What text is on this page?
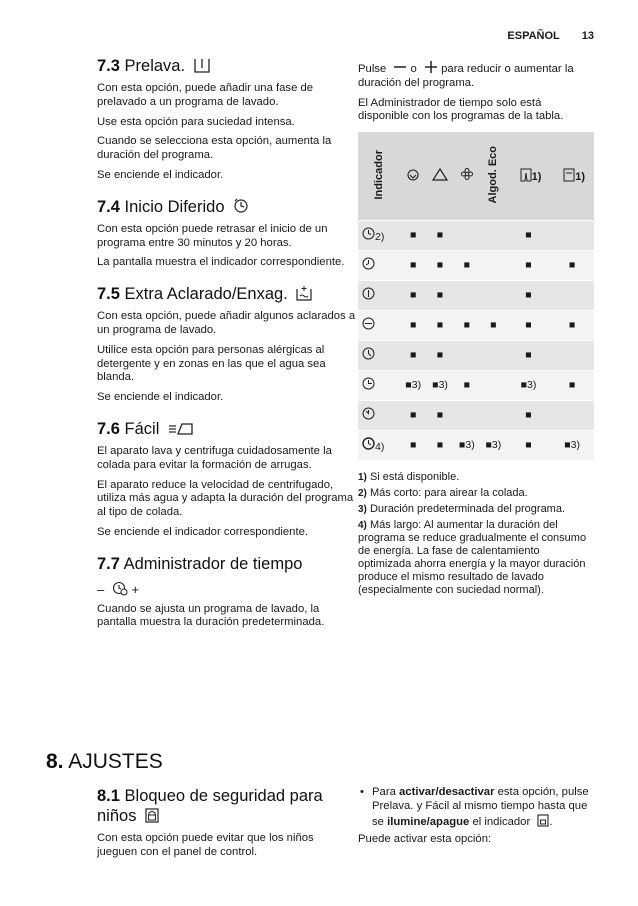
ESPAÑOL 13
7.3 Prelava.

Con esta opción, puede añadir una fase de prelavado a un programa de lavado.

Use esta opción para suciedad intensa.

Cuando se selecciona esta opción, aumenta la duración del programa.

Se enciende el indicador.

7.4 Inicio Diferido

Con esta opción puede retrasar el inicio de un programa entre 30 minutos y 20 horas.

La pantalla muestra el indicador correspondiente.

7.5 Extra Aclarado/Enxag.

Con esta opción, puede añadir algunos aclarados a un programa de lavado.

Utilice esta opción para personas alérgicas al detergente y en zonas en las que el agua sea blanda.

Se enciende el indicador.

7.6 Fácil

El aparato lava y centrifuga cuidadosamente la colada para evitar la formación de arrugas.

El aparato reduce la velocidad de centrifugado, utiliza más agua y adapta la duración del programa al tipo de colada.

Se enciende el indicador correspondiente.

7.7 Administrador de tiempo

– +

Cuando se ajusta un programa de lavado, la pantalla muestra la duración predeterminada.

Pulse o para reducir o aumentar la duración del programa.

El Administrador de tiempo solo está disponible con los programas de la tabla.

Indicador				Algod. Eco	1)	1)
2)	■	■			■	
	■	■	■		■	■
	■	■			■	
	■	■	■	■	■	■
	■	■			■	
	■3)	■3)	■		■3)	■
	■	■			■	
4)	■	■	■3)	■3)	■	■3)

1) Si está disponible.

2) Más corto: para airear la colada.

3) Duración predeterminada del programa.

4) Más largo: Al aumentar la duración del programa se reduce gradualmente el consumo de energía. La fase de calentamiento optimizada ahorra energía y la mayor duración produce el mismo resultado de lavado (especialmente con suciedad normal).

8. AJUSTES
8.1 Bloqueo de seguridad para niños

Con esta opción puede evitar que los niños jueguen con el panel de control.

• Para activar/desactivar esta opción, pulse Prelava. y Fácil al mismo tiempo hasta que se ilumine/apague el indicador .

Puede activar esta opción:
